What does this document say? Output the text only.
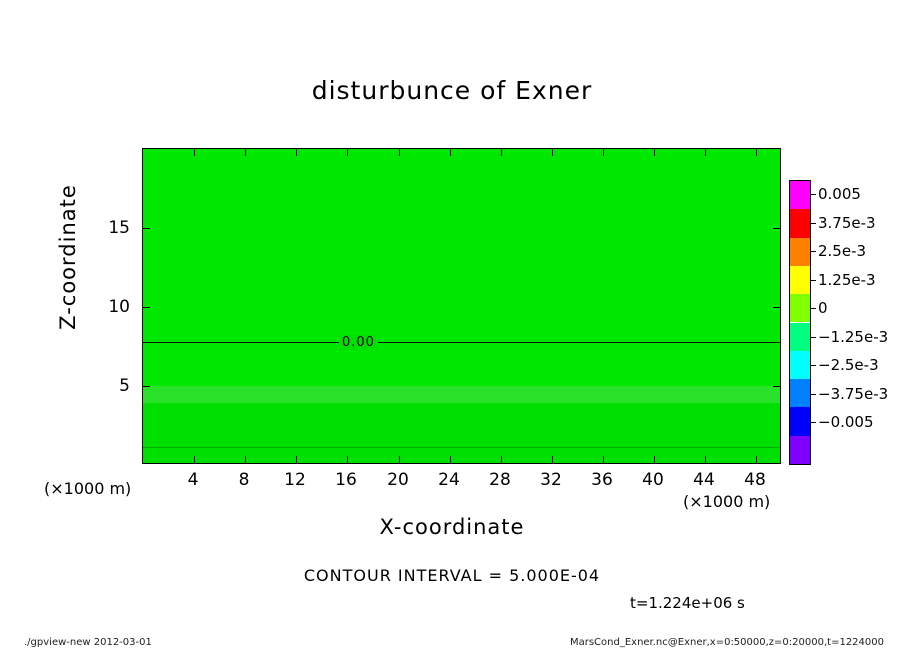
disturbunce of Exner
0.00
4 8 12 16 20 24 28 32 36 40 44 48
5
10
15
(×1000 m)
(×1000 m)
X-coordinate
Z-coordinate	0.005
3.75e-3
2.5e-3
1.25e-3
0
−1.25e-3
−2.5e-3
−3.75e-3
−0.005
CONTOUR INTERVAL = 5.000E-04
t=1.224e+06 s
./gpview-new 2012-03-01	MarsCond_Exner.nc@Exner,x=0:50000,z=0:20000,t=1224000
